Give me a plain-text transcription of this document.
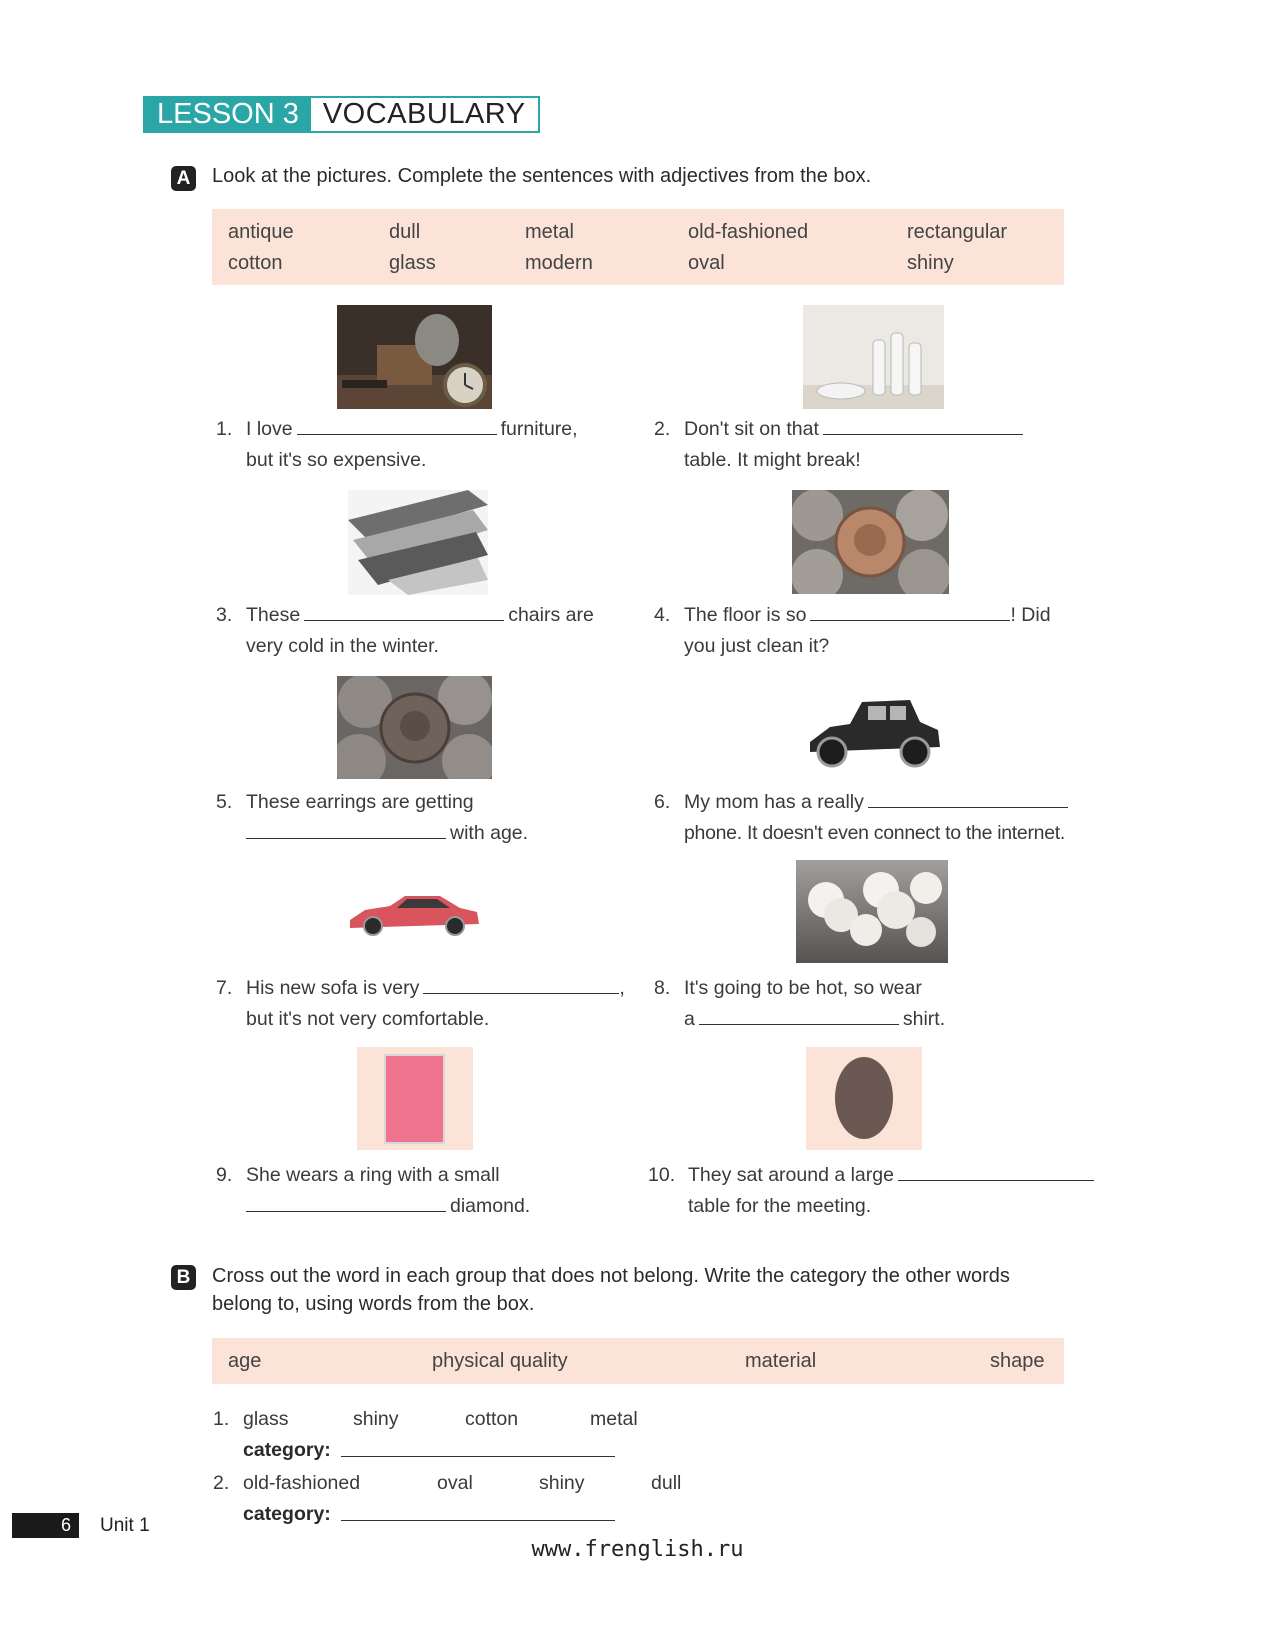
LESSON 3 VOCABULARY
A Look at the pictures. Complete the sentences with adjectives from the box.
antique	dull	metal	old-fashioned	rectangular
cotton	glass	modern	oval	shiny
1. I love	furniture,
but it's so expensive.
2. Don't sit on that
table. It might break!
3. These	chairs are
very cold in the winter.
4. The floor is so	! Did
you just clean it?
5. These earrings are getting
with age.
6. My mom has a really
phone. It doesn't even connect to the internet.
7. His new sofa is very	,
but it's not very comfortable.
8. It's going to be hot, so wear
a	shirt.
9. She wears a ring with a small
diamond.
10. They sat around a large
table for the meeting.
B Cross out the word in each group that does not belong. Write the category the other words
belong to, using words from the box.
age	physical quality	material	shape
1. glass	shiny	cotton	metal
category:
2. old-fashioned	oval	shiny	dull
category:
6	Unit 1
www.frenglish.ru
